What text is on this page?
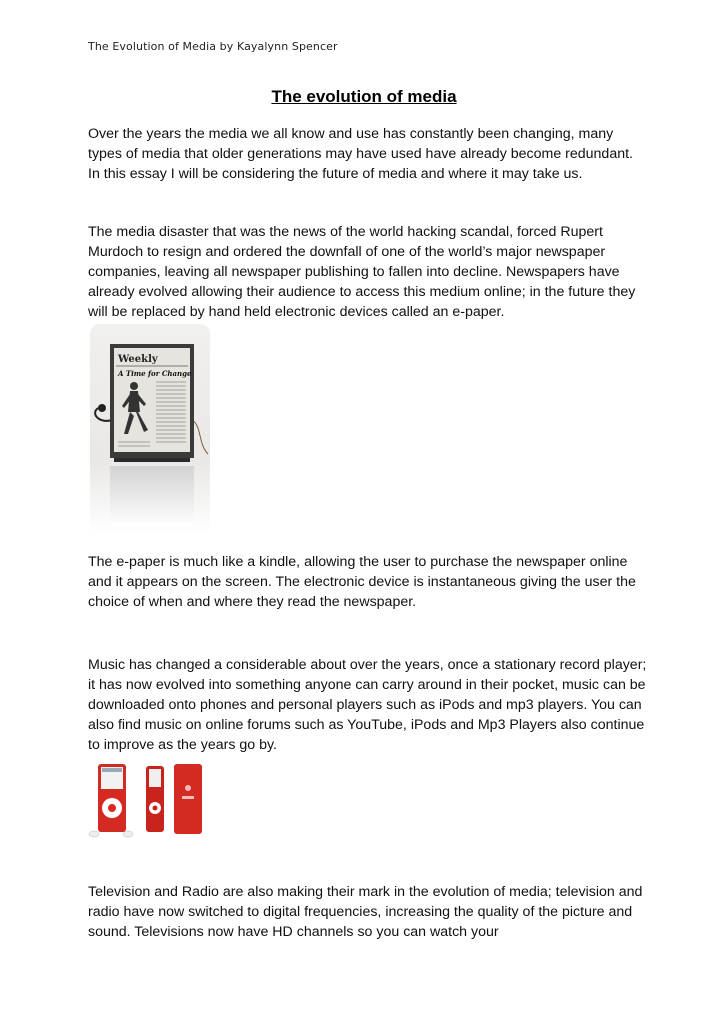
The Evolution of Media by Kayalynn Spencer
The evolution of media

Over the years the media we all know and use has constantly been changing, many types of media that older generations may have used have already become redundant. In this essay I will be considering the future of media and where it may take us.

The media disaster that was the news of the world hacking scandal, forced Rupert Murdoch to resign and ordered the downfall of one of the world’s major newspaper companies, leaving all newspaper publishing to fallen into decline. Newspapers have already evolved allowing their audience to access this medium online; in the future they will be replaced by hand held electronic devices called an e-paper.

Weekly
A Time for Change

The e-paper is much like a kindle, allowing the user to purchase the newspaper online and it appears on the screen. The electronic device is instantaneous giving the user the choice of when and where they read the newspaper.

Music has changed a considerable about over the years, once a stationary record player; it has now evolved into something anyone can carry around in their pocket, music can be downloaded onto phones and personal players such as iPods and mp3 players. You can also find music on online forums such as YouTube, iPods and Mp3 Players also continue to improve as the years go by.

Television and Radio are also making their mark in the evolution of media; television and radio have now switched to digital frequencies, increasing the quality of the picture and sound. Televisions now have HD channels so you can watch your
